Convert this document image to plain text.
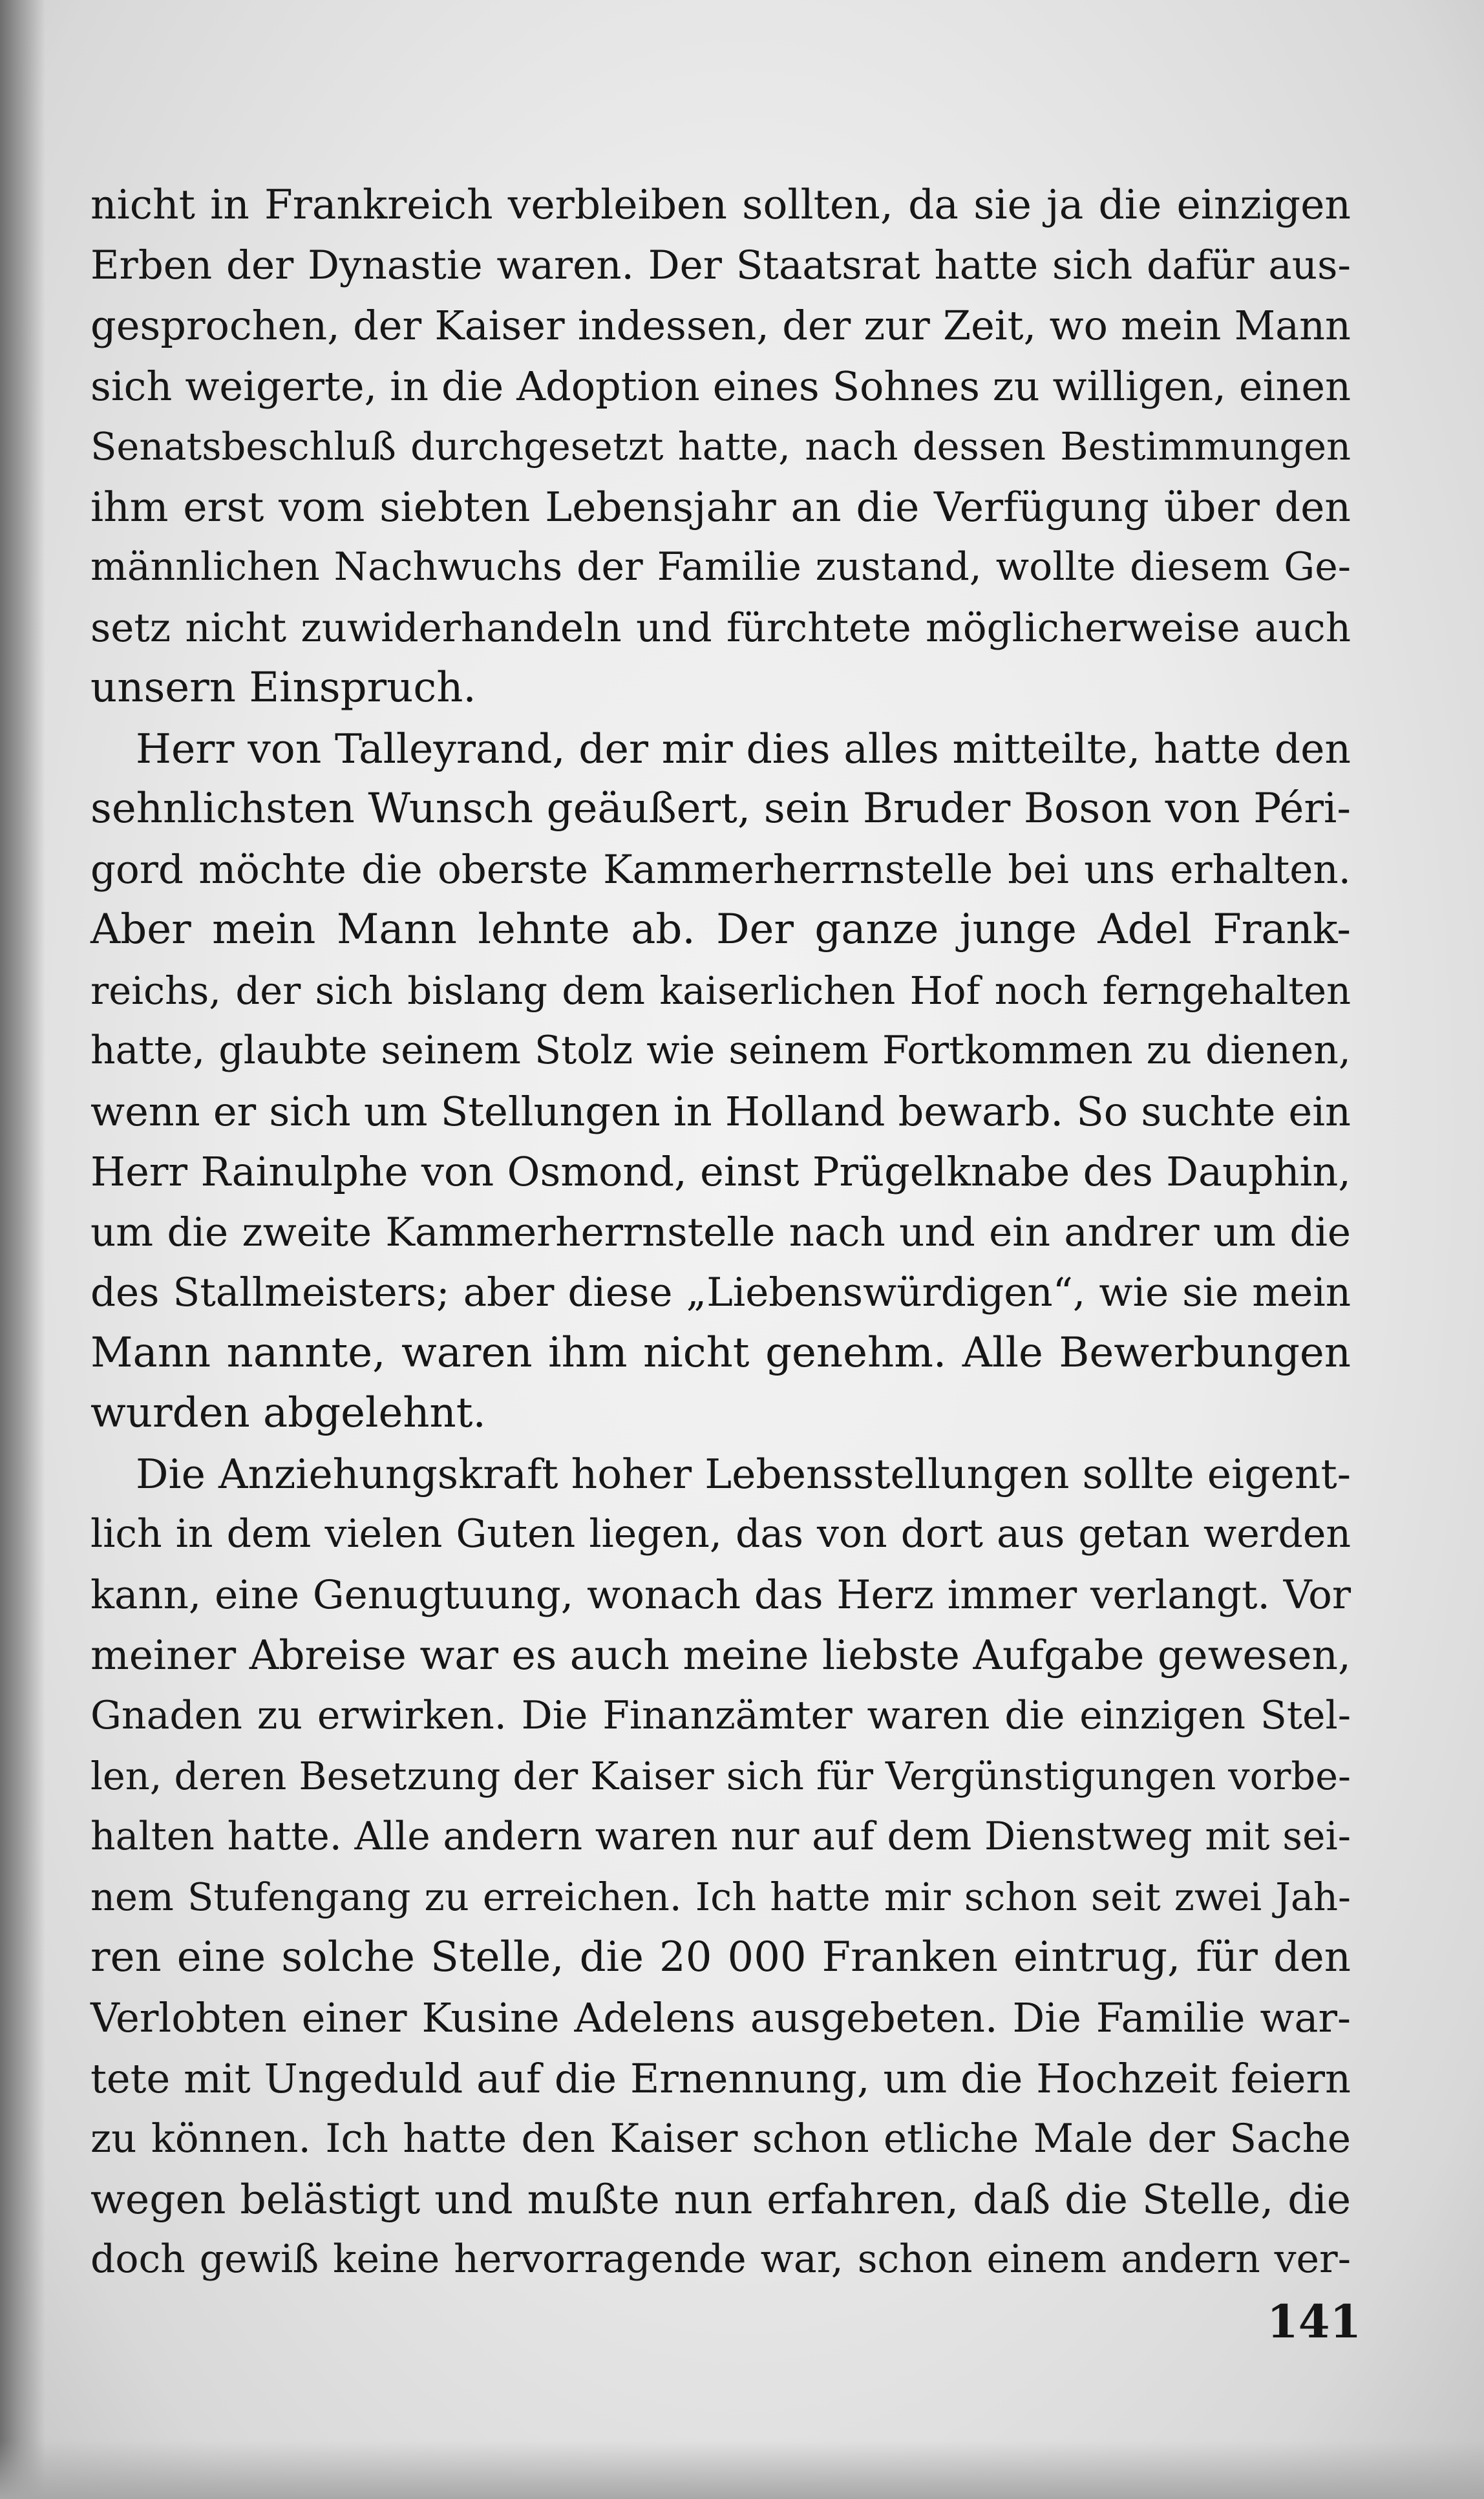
nicht in Frankreich verbleiben sollten, da sie ja die einzigen
Erben der Dynastie waren. Der Staatsrat hatte sich dafür aus-
gesprochen, der Kaiser indessen, der zur Zeit, wo mein Mann
sich weigerte, in die Adoption eines Sohnes zu willigen, einen
Senatsbeschluß durchgesetzt hatte, nach dessen Bestimmungen
ihm erst vom siebten Lebensjahr an die Verfügung über den
männlichen Nachwuchs der Familie zustand, wollte diesem Ge-
setz nicht zuwiderhandeln und fürchtete möglicherweise auch
unsern Einspruch.
Herr von Talleyrand, der mir dies alles mitteilte, hatte den
sehnlichsten Wunsch geäußert, sein Bruder Boson von Péri-
gord möchte die oberste Kammerherrnstelle bei uns erhalten.
Aber mein Mann lehnte ab. Der ganze junge Adel Frank-
reichs, der sich bislang dem kaiserlichen Hof noch ferngehalten
hatte, glaubte seinem Stolz wie seinem Fortkommen zu dienen,
wenn er sich um Stellungen in Holland bewarb. So suchte ein
Herr Rainulphe von Osmond, einst Prügelknabe des Dauphin,
um die zweite Kammerherrnstelle nach und ein andrer um die
des Stallmeisters; aber diese „Liebenswürdigen“, wie sie mein
Mann nannte, waren ihm nicht genehm. Alle Bewerbungen
wurden abgelehnt.
Die Anziehungskraft hoher Lebensstellungen sollte eigent-
lich in dem vielen Guten liegen, das von dort aus getan werden
kann, eine Genugtuung, wonach das Herz immer verlangt. Vor
meiner Abreise war es auch meine liebste Aufgabe gewesen,
Gnaden zu erwirken. Die Finanzämter waren die einzigen Stel-
len, deren Besetzung der Kaiser sich für Vergünstigungen vorbe-
halten hatte. Alle andern waren nur auf dem Dienstweg mit sei-
nem Stufengang zu erreichen. Ich hatte mir schon seit zwei Jah-
ren eine solche Stelle, die 20 000 Franken eintrug, für den
Verlobten einer Kusine Adelens ausgebeten. Die Familie war-
tete mit Ungeduld auf die Ernennung, um die Hochzeit feiern
zu können. Ich hatte den Kaiser schon etliche Male der Sache
wegen belästigt und mußte nun erfahren, daß die Stelle, die
doch gewiß keine hervorragende war, schon einem andern ver-
141
